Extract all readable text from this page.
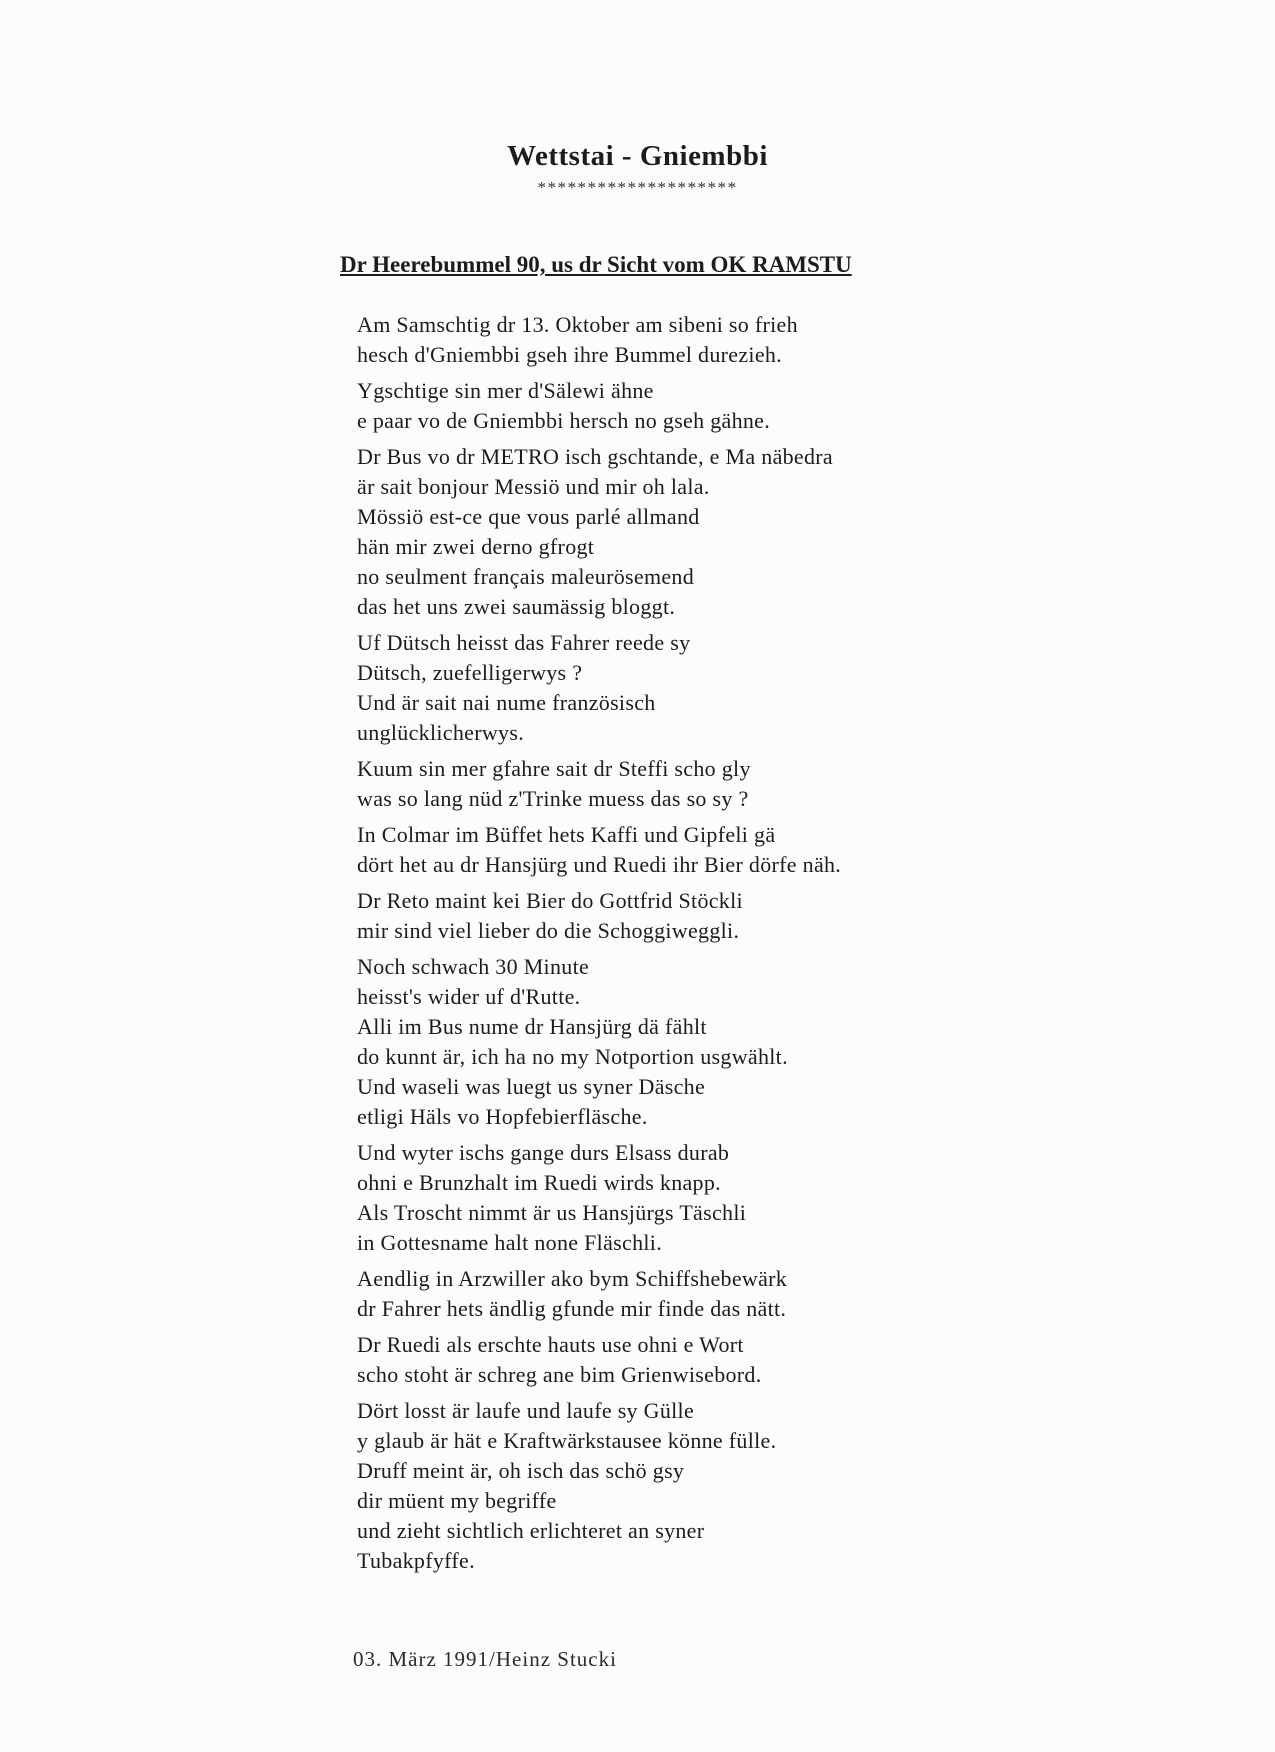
Wettstai - Gniembbi
********************
Dr Heerebummel 90, us dr Sicht vom OK RAMSTU
Am Samschtig dr 13. Oktober am sibeni so frieh
hesch d'Gniembbi gseh ihre Bummel durezieh.
Ygschtige sin mer d'Sälewi ähne
e paar vo de Gniembbi hersch no gseh gähne.
Dr Bus vo dr METRO isch gschtande, e Ma näbedra
är sait bonjour Messiö und mir oh lala.
Mössiö est-ce que vous parlé allmand
hän mir zwei derno gfrogt
no seulment français maleurösemend
das het uns zwei saumässig bloggt.
Uf Dütsch heisst das Fahrer reede sy
Dütsch, zuefelligerwys ?
Und är sait nai nume französisch
unglücklicherwys.
Kuum sin mer gfahre sait dr Steffi scho gly
was so lang nüd z'Trinke muess das so sy ?
In Colmar im Büffet hets Kaffi und Gipfeli gä
dört het au dr Hansjürg und Ruedi ihr Bier dörfe näh.
Dr Reto maint kei Bier do Gottfrid Stöckli
mir sind viel lieber do die Schoggiweggli.
Noch schwach 30 Minute
heisst's wider uf d'Rutte.
Alli im Bus nume dr Hansjürg dä fählt
do kunnt är, ich ha no my Notportion usgwählt.
Und waseli was luegt us syner Däsche
etligi Häls vo Hopfebierfläsche.
Und wyter ischs gange durs Elsass durab
ohni e Brunzhalt im Ruedi wirds knapp.
Als Troscht nimmt är us Hansjürgs Täschli
in Gottesname halt none Fläschli.
Aendlig in Arzwiller ako bym Schiffshebewärk
dr Fahrer hets ändlig gfunde mir finde das nätt.
Dr Ruedi als erschte hauts use ohni e Wort
scho stoht är schreg ane bim Grienwisebord.
Dört losst är laufe und laufe sy Gülle
y glaub är hät e Kraftwärkstausee könne fülle.
Druff meint är, oh isch das schö gsy
dir müent my begriffe
und zieht sichtlich erlichteret an syner
Tubakpfyffe.
03. März 1991/Heinz Stucki
